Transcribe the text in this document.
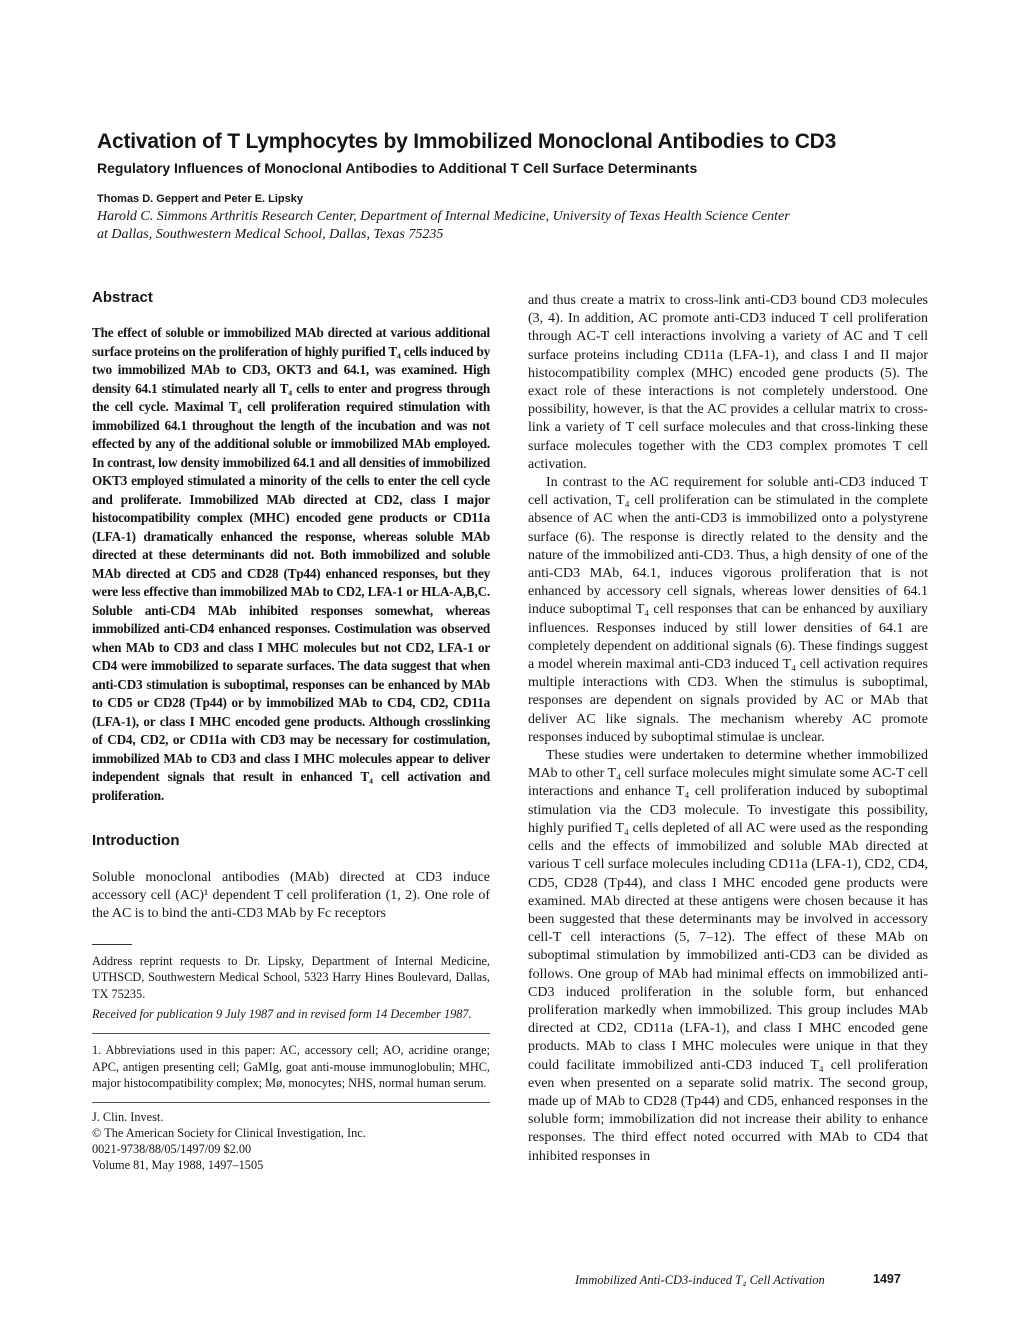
Activation of T Lymphocytes by Immobilized Monoclonal Antibodies to CD3
Regulatory Influences of Monoclonal Antibodies to Additional T Cell Surface Determinants

Thomas D. Geppert and Peter E. Lipsky

Harold C. Simmons Arthritis Research Center, Department of Internal Medicine, University of Texas Health Science Center at Dallas, Southwestern Medical School, Dallas, Texas 75235

Abstract

The effect of soluble or immobilized MAb directed at various additional surface proteins on the proliferation of highly purified T₄ cells induced by two immobilized MAb to CD3, OKT3 and 64.1, was examined. High density 64.1 stimulated nearly all T₄ cells to enter and progress through the cell cycle. Maximal T₄ cell proliferation required stimulation with immobilized 64.1 throughout the length of the incubation and was not effected by any of the additional soluble or immobilized MAb employed. In contrast, low density immobilized 64.1 and all densities of immobilized OKT3 employed stimulated a minority of the cells to enter the cell cycle and proliferate. Immobilized MAb directed at CD2, class I major histocompatibility complex (MHC) encoded gene products or CD11a (LFA-1) dramatically enhanced the response, whereas soluble MAb directed at these determinants did not. Both immobilized and soluble MAb directed at CD5 and CD28 (Tp44) enhanced responses, but they were less effective than immobilized MAb to CD2, LFA-1 or HLA-A,B,C. Soluble anti-CD4 MAb inhibited responses somewhat, whereas immobilized anti-CD4 enhanced responses. Costimulation was observed when MAb to CD3 and class I MHC molecules but not CD2, LFA-1 or CD4 were immobilized to separate surfaces. The data suggest that when anti-CD3 stimulation is suboptimal, responses can be enhanced by MAb to CD5 or CD28 (Tp44) or by immobilized MAb to CD4, CD2, CD11a (LFA-1), or class I MHC encoded gene products. Although crosslinking of CD4, CD2, or CD11a with CD3 may be necessary for costimulation, immobilized MAb to CD3 and class I MHC molecules appear to deliver independent signals that result in enhanced T₄ cell activation and proliferation.

Introduction

Soluble monoclonal antibodies (MAb) directed at CD3 induce accessory cell (AC)¹ dependent T cell proliferation (1, 2). One role of the AC is to bind the anti-CD3 MAb by Fc receptors

Address reprint requests to Dr. Lipsky, Department of Internal Medicine, UTHSCD, Southwestern Medical School, 5323 Harry Hines Boulevard, Dallas, TX 75235.

Received for publication 9 July 1987 and in revised form 14 December 1987.

1. Abbreviations used in this paper: AC, accessory cell; AO, acridine orange; APC, antigen presenting cell; GaMIg, goat anti-mouse immunoglobulin; MHC, major histocompatibility complex; Mø, monocytes; NHS, normal human serum.

J. Clin. Invest.

© The American Society for Clinical Investigation, Inc.

0021-9738/88/05/1497/09 $2.00

Volume 81, May 1988, 1497–1505

and thus create a matrix to cross-link anti-CD3 bound CD3 molecules (3, 4). In addition, AC promote anti-CD3 induced T cell proliferation through AC-T cell interactions involving a variety of AC and T cell surface proteins including CD11a (LFA-1), and class I and II major histocompatibility complex (MHC) encoded gene products (5). The exact role of these interactions is not completely understood. One possibility, however, is that the AC provides a cellular matrix to cross-link a variety of T cell surface molecules and that cross-linking these surface molecules together with the CD3 complex promotes T cell activation.

In contrast to the AC requirement for soluble anti-CD3 induced T cell activation, T₄ cell proliferation can be stimulated in the complete absence of AC when the anti-CD3 is immobilized onto a polystyrene surface (6). The response is directly related to the density and the nature of the immobilized anti-CD3. Thus, a high density of one of the anti-CD3 MAb, 64.1, induces vigorous proliferation that is not enhanced by accessory cell signals, whereas lower densities of 64.1 induce suboptimal T₄ cell responses that can be enhanced by auxiliary influences. Responses induced by still lower densities of 64.1 are completely dependent on additional signals (6). These findings suggest a model wherein maximal anti-CD3 induced T₄ cell activation requires multiple interactions with CD3. When the stimulus is suboptimal, responses are dependent on signals provided by AC or MAb that deliver AC like signals. The mechanism whereby AC promote responses induced by suboptimal stimulae is unclear.

These studies were undertaken to determine whether immobilized MAb to other T₄ cell surface molecules might simulate some AC-T cell interactions and enhance T₄ cell proliferation induced by suboptimal stimulation via the CD3 molecule. To investigate this possibility, highly purified T₄ cells depleted of all AC were used as the responding cells and the effects of immobilized and soluble MAb directed at various T cell surface molecules including CD11a (LFA-1), CD2, CD4, CD5, CD28 (Tp44), and class I MHC encoded gene products were examined. MAb directed at these antigens were chosen because it has been suggested that these determinants may be involved in accessory cell-T cell interactions (5, 7–12). The effect of these MAb on suboptimal stimulation by immobilized anti-CD3 can be divided as follows. One group of MAb had minimal effects on immobilized anti-CD3 induced proliferation in the soluble form, but enhanced proliferation markedly when immobilized. This group includes MAb directed at CD2, CD11a (LFA-1), and class I MHC encoded gene products. MAb to class I MHC molecules were unique in that they could facilitate immobilized anti-CD3 induced T₄ cell proliferation even when presented on a separate solid matrix. The second group, made up of MAb to CD28 (Tp44) and CD5, enhanced responses in the soluble form; immobilization did not increase their ability to enhance responses. The third effect noted occurred with MAb to CD4 that inhibited responses in

Immobilized Anti-CD3-induced T₄ Cell Activation	1497
